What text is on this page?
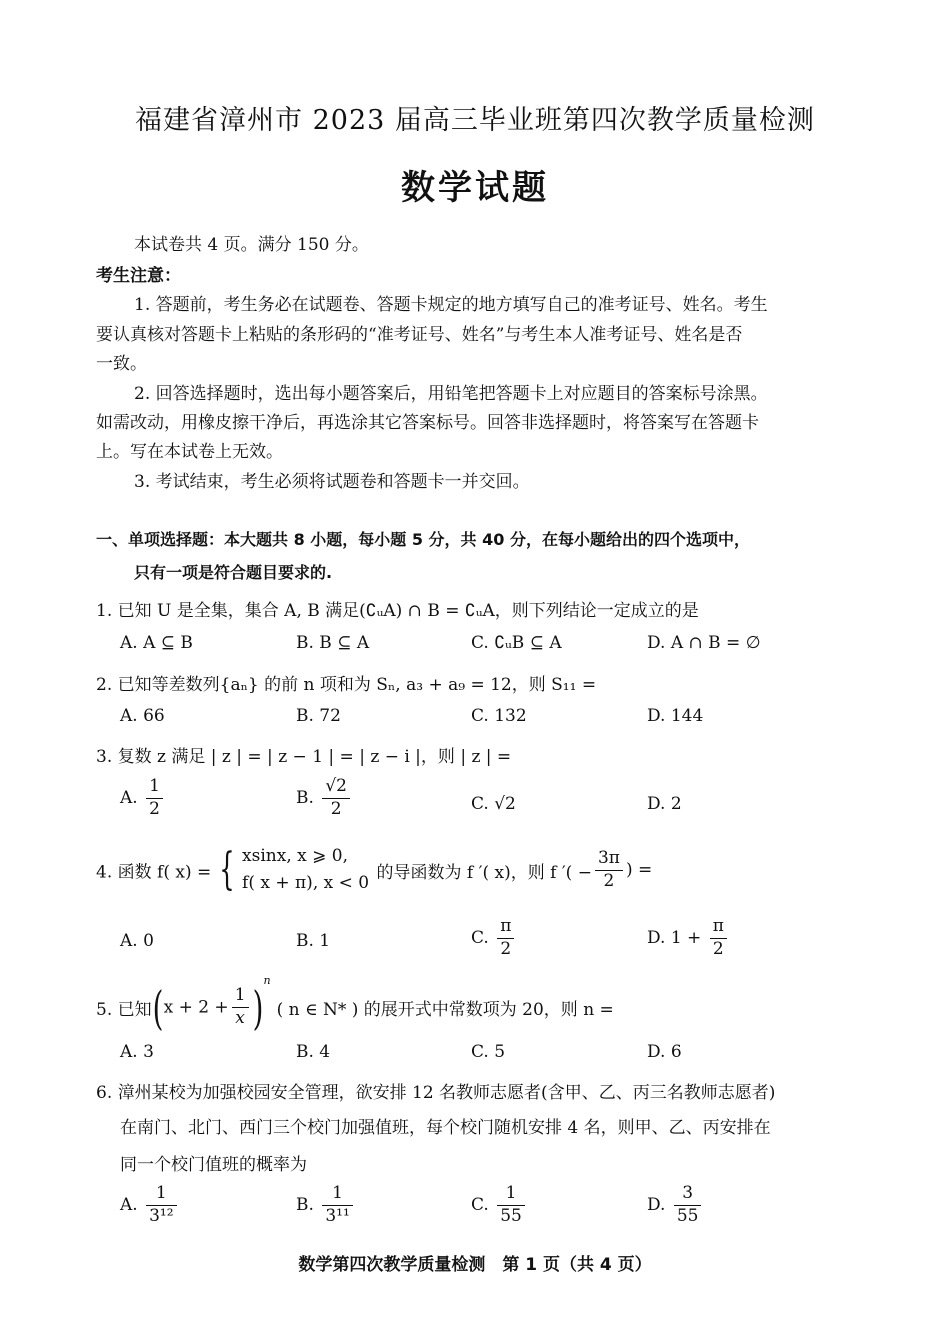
福建省漳州市 2023 届高三毕业班第四次教学质量检测
数学试题
本试卷共 4 页。满分 150 分。
考生注意：
1. 答题前，考生务必在试题卷、答题卡规定的地方填写自己的准考证号、姓名。考生
要认真核对答题卡上粘贴的条形码的“准考证号、姓名”与考生本人准考证号、姓名是否
一致。
2. 回答选择题时，选出每小题答案后，用铅笔把答题卡上对应题目的答案标号涂黑。
如需改动，用橡皮擦干净后，再选涂其它答案标号。回答非选择题时，将答案写在答题卡
上。写在本试卷上无效。
3. 考试结束，考生必须将试题卷和答题卡一并交回。
一、单项选择题：本大题共 8 小题，每小题 5 分，共 40 分，在每小题给出的四个选项中，
只有一项是符合题目要求的.
1. 已知 U 是全集，集合 A, B 满足(∁ᵤA) ∩ B = ∁ᵤA，则下列结论一定成立的是
A. A ⊆ B	B. B ⊆ A	C. ∁ᵤB ⊆ A	D. A ∩ B = ∅
2. 已知等差数列{aₙ} 的前 n 项和为 Sₙ, a₃ + a₉ = 12，则 S₁₁ =
A. 66	B. 72	C. 132	D. 144
3. 复数 z 满足 | z | = | z − 1 | = | z − i |，则 | z | =
A. $\frac{1}{2}$	B. $\frac{√2}{2}$	C. √2	D. 2
4. 函数 f( x) = { xsinx, x ⩾ 0,
f( x + π), x < 0
的导函数为 f ′( x)，则 f ′( − $\frac{3\pi}{2}$ ) =
A. 0	B. 1	C. $\frac{\pi}{2}$	D. $1 + \frac{\pi}{2}$
5. 已知$(x + 2 + \frac{1}{x} )^n$( n ∈ N* ) 的展开式中常数项为 20，则 n =
A. 3	B. 4	C. 5	D. 6
6. 漳州某校为加强校园安全管理，欲安排 12 名教师志愿者(含甲、乙、丙三名教师志愿者)
在南门、北门、西门三个校门加强值班，每个校门随机安排 4 名，则甲、乙、丙安排在
同一个校门值班的概率为
A. $\frac{1}{\text{3¹²}}$	B. $\frac{1}{\text{3¹¹}}$	C. $\frac{1}{55}$	D. $\frac{3}{55}$
数学第四次教学质量检测　第 1 页（共 4 页）
